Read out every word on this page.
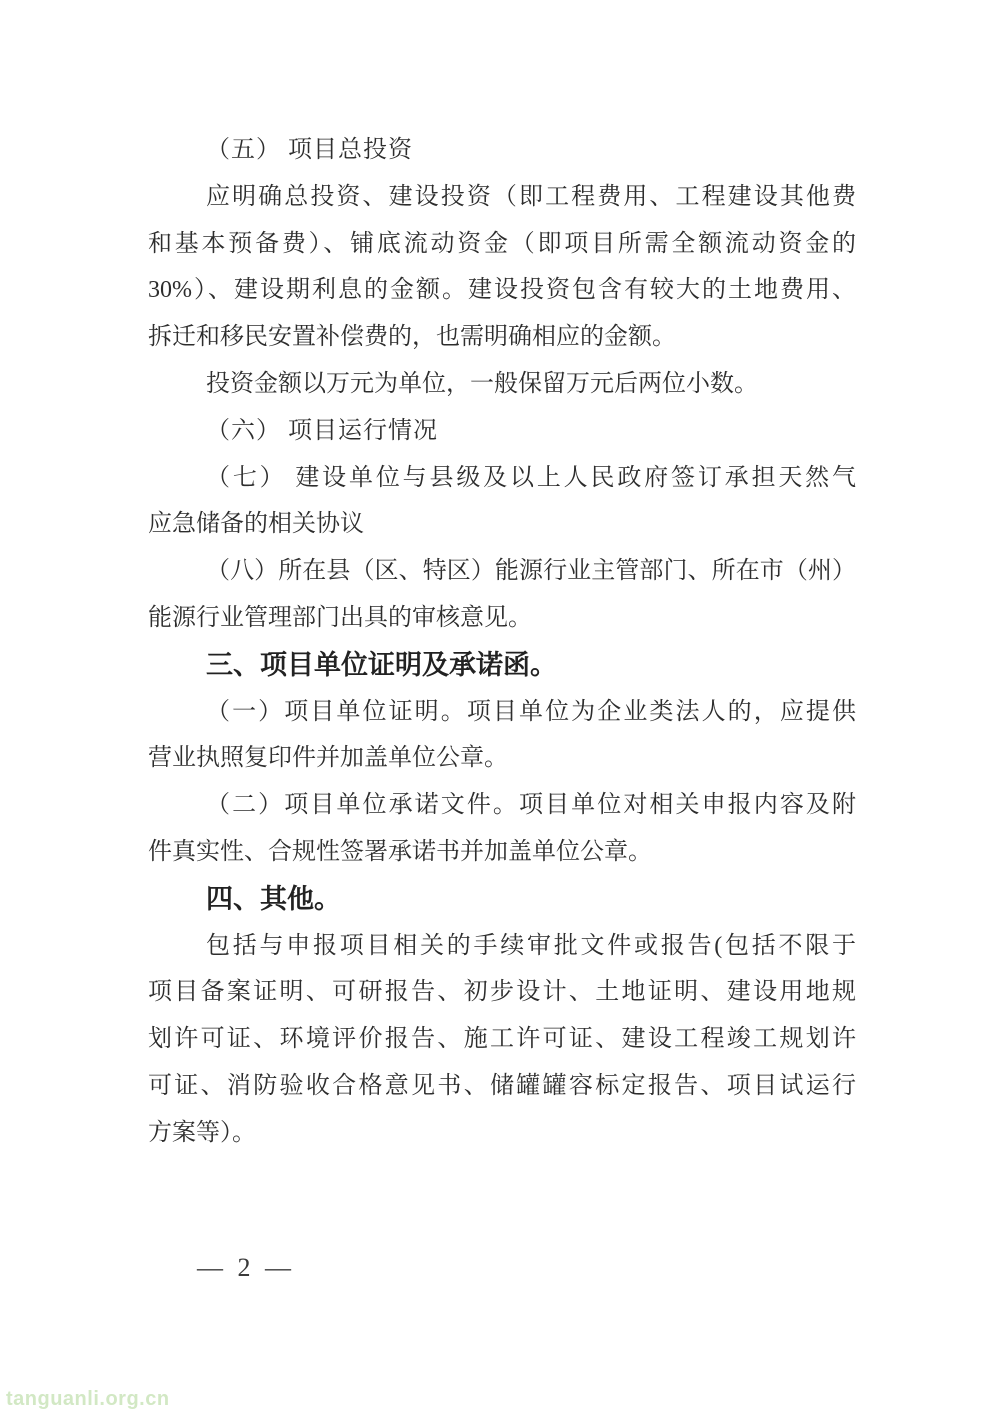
（五） 项目总投资
应明确总投资、建设投资（即工程费用、工程建设其他费
和基本预备费）、铺底流动资金（即项目所需全额流动资金的
30%）、建设期利息的金额。建设投资包含有较大的土地费用、
拆迁和移民安置补偿费的，也需明确相应的金额。
投资金额以万元为单位，一般保留万元后两位小数。
（六） 项目运行情况
（七） 建设单位与县级及以上人民政府签订承担天然气
应急储备的相关协议
（八）所在县（区、特区）能源行业主管部门、所在市（州）
能源行业管理部门出具的审核意见。
三、项目单位证明及承诺函。
（一）项目单位证明。项目单位为企业类法人的，应提供
营业执照复印件并加盖单位公章。
（二）项目单位承诺文件。项目单位对相关申报内容及附
件真实性、合规性签署承诺书并加盖单位公章。
四、其他。
包括与申报项目相关的手续审批文件或报告(包括不限于
项目备案证明、可研报告、初步设计、土地证明、建设用地规
划许可证、环境评价报告、施工许可证、建设工程竣工规划许
可证、消防验收合格意见书、储罐罐容标定报告、项目试运行
方案等）。
— 2 —
tanguanli.org.cn
